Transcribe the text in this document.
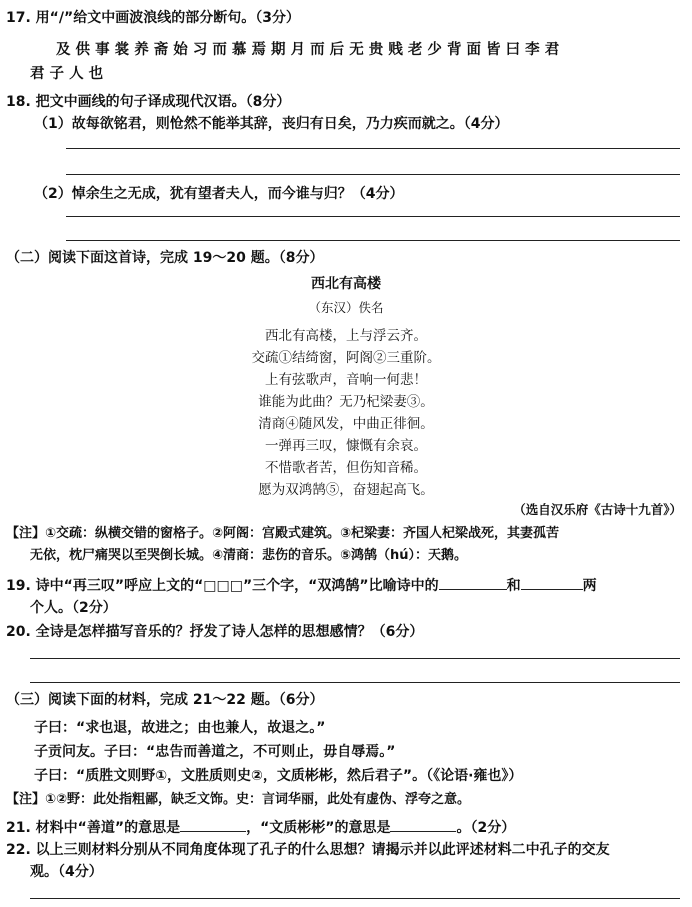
17. 用“/”给文中画波浪线的部分断句。（3分）
及 供 事 裳 养 斋 始 习 而 慕 焉 期 月 而 后 无 贵 贱 老 少 背 面 皆 曰 李 君
君 子 人 也
18. 把文中画线的句子译成现代汉语。（8分）
（1）故每欲铭君，则怆然不能举其辞，丧归有日矣，乃力疾而就之。（4分）
（2）悼余生之无成，犹有望者夫人，而今谁与归？（4分）
（二）阅读下面这首诗，完成 19～20 题。（8分）
西北有高楼
（东汉）佚名
西北有高楼，上与浮云齐。
交疏①结绮窗，阿阁②三重阶。
上有弦歌声，音响一何悲！
谁能为此曲？无乃杞梁妻③。
清商④随风发，中曲正徘徊。
一弹再三叹，慷慨有余哀。
不惜歌者苦，但伤知音稀。
愿为双鸿鹄⑤，奋翅起高飞。
（选自汉乐府《古诗十九首》）
【注】①交疏：纵横交错的窗格子。②阿阁：宫殿式建筑。③杞梁妻：齐国人杞梁战死，其妻孤苦
无依，枕尸痛哭以至哭倒长城。④清商：悲伤的音乐。⑤鸿鹄（hú）：天鹅。
19. 诗中“再三叹”呼应上文的“□□□”三个字，“双鸿鹄”比喻诗中的	和	两
个人。（2分）
20. 全诗是怎样描写音乐的？抒发了诗人怎样的思想感情？（6分）
（三）阅读下面的材料，完成 21～22 题。（6分）
子曰：“求也退，故进之；由也兼人，故退之。”
子贡问友。子曰：“忠告而善道之，不可则止，毋自辱焉。”
子曰：“质胜文则野①，文胜质则史②，文质彬彬，然后君子”。（《论语·雍也》）
【注】①②野：此处指粗鄙，缺乏文饰。史：言词华丽，此处有虚伪、浮夸之意。
21. 材料中“善道”的意思是	，“文质彬彬”的意思是	。（2分）
22. 以上三则材料分别从不同角度体现了孔子的什么思想？请揭示并以此评述材料二中孔子的交友
观。（4分）
